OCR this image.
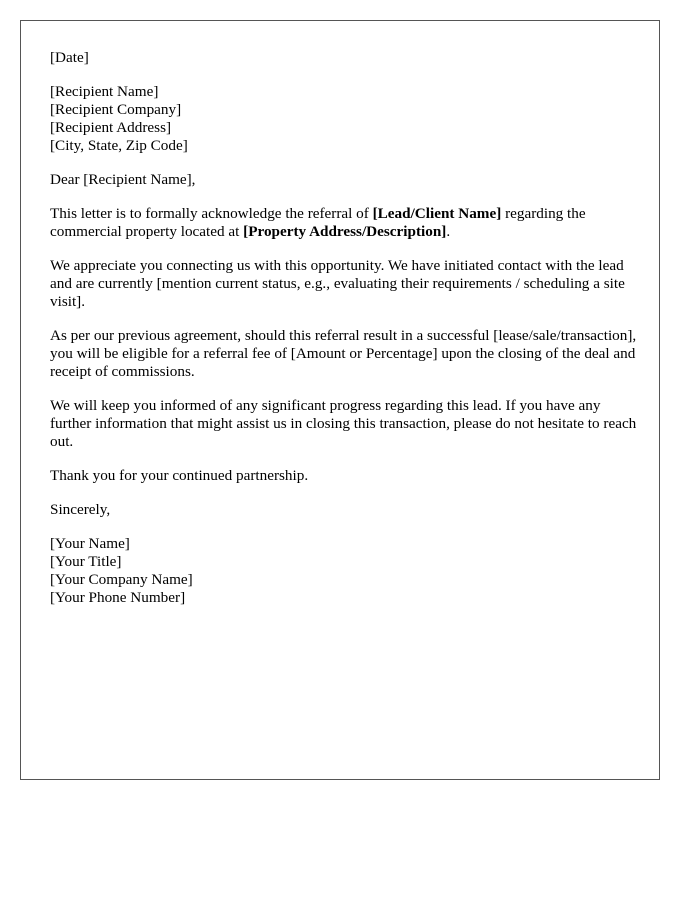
[Date]
[Recipient Name]
[Recipient Company]
[Recipient Address]
[City, State, Zip Code]
Dear [Recipient Name],

This letter is to formally acknowledge the referral of [Lead/Client Name] regarding the commercial property located at [Property Address/Description].

We appreciate you connecting us with this opportunity. We have initiated contact with the lead and are currently [mention current status, e.g., evaluating their requirements / scheduling a site visit].

As per our previous agreement, should this referral result in a successful [lease/sale/transaction], you will be eligible for a referral fee of [Amount or Percentage] upon the closing of the deal and receipt of commissions.

We will keep you informed of any significant progress regarding this lead. If you have any further information that might assist us in closing this transaction, please do not hesitate to reach out.

Thank you for your continued partnership.

Sincerely,
[Your Name]
[Your Title]
[Your Company Name]
[Your Phone Number]
